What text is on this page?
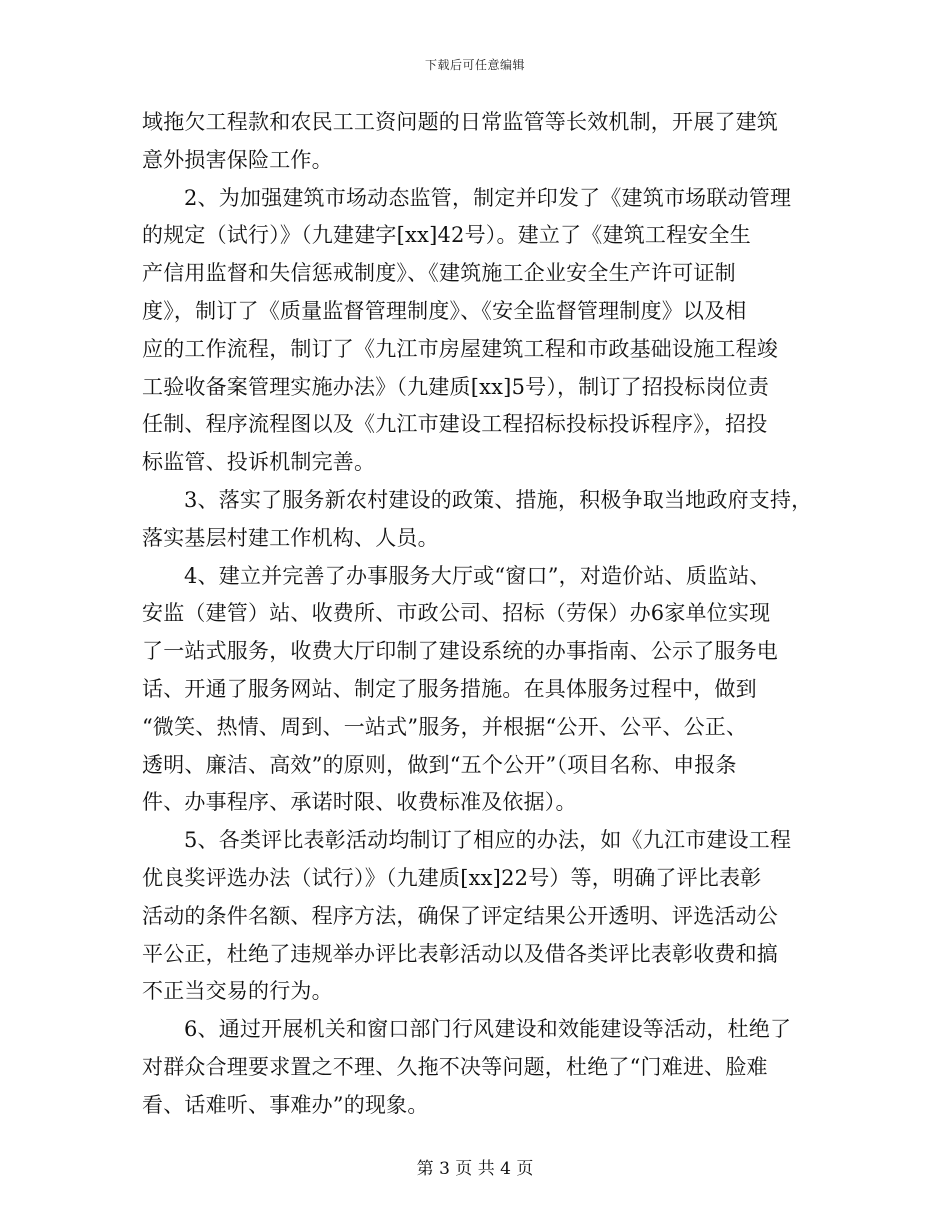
下载后可任意编辑
域拖欠工程款和农民工工资问题的日常监管等长效机制，开展了建筑
意外损害保险工作。
2、为加强建筑市场动态监管，制定并印发了《建筑市场联动管理
的规定（试行）》（九建建字[xx]42号）。建立了《建筑工程安全生
产信用监督和失信惩戒制度》、《建筑施工企业安全生产许可证制
度》，制订了《质量监督管理制度》、《安全监督管理制度》以及相
应的工作流程，制订了《九江市房屋建筑工程和市政基础设施工程竣
工验收备案管理实施办法》（九建质[xx]5号），制订了招投标岗位责
任制、程序流程图以及《九江市建设工程招标投标投诉程序》，招投
标监管、投诉机制完善。
3、落实了服务新农村建设的政策、措施，积极争取当地政府支持，
落实基层村建工作机构、人员。
4、建立并完善了办事服务大厅或“窗口”，对造价站、质监站、
安监（建管）站、收费所、市政公司、招标（劳保）办6家单位实现
了一站式服务，收费大厅印制了建设系统的办事指南、公示了服务电
话、开通了服务网站、制定了服务措施。在具体服务过程中，做到
“微笑、热情、周到、一站式”服务，并根据“公开、公平、公正、
透明、廉洁、高效”的原则，做到“五个公开”（项目名称、申报条
件、办事程序、承诺时限、收费标准及依据）。
5、各类评比表彰活动均制订了相应的办法，如《九江市建设工程
优良奖评选办法（试行）》（九建质[xx]22号）等，明确了评比表彰
活动的条件名额、程序方法，确保了评定结果公开透明、评选活动公
平公正，杜绝了违规举办评比表彰活动以及借各类评比表彰收费和搞
不正当交易的行为。
6、通过开展机关和窗口部门行风建设和效能建设等活动，杜绝了
对群众合理要求置之不理、久拖不决等问题，杜绝了“门难进、脸难
看、话难听、事难办”的现象。
第 3 页 共 4 页
